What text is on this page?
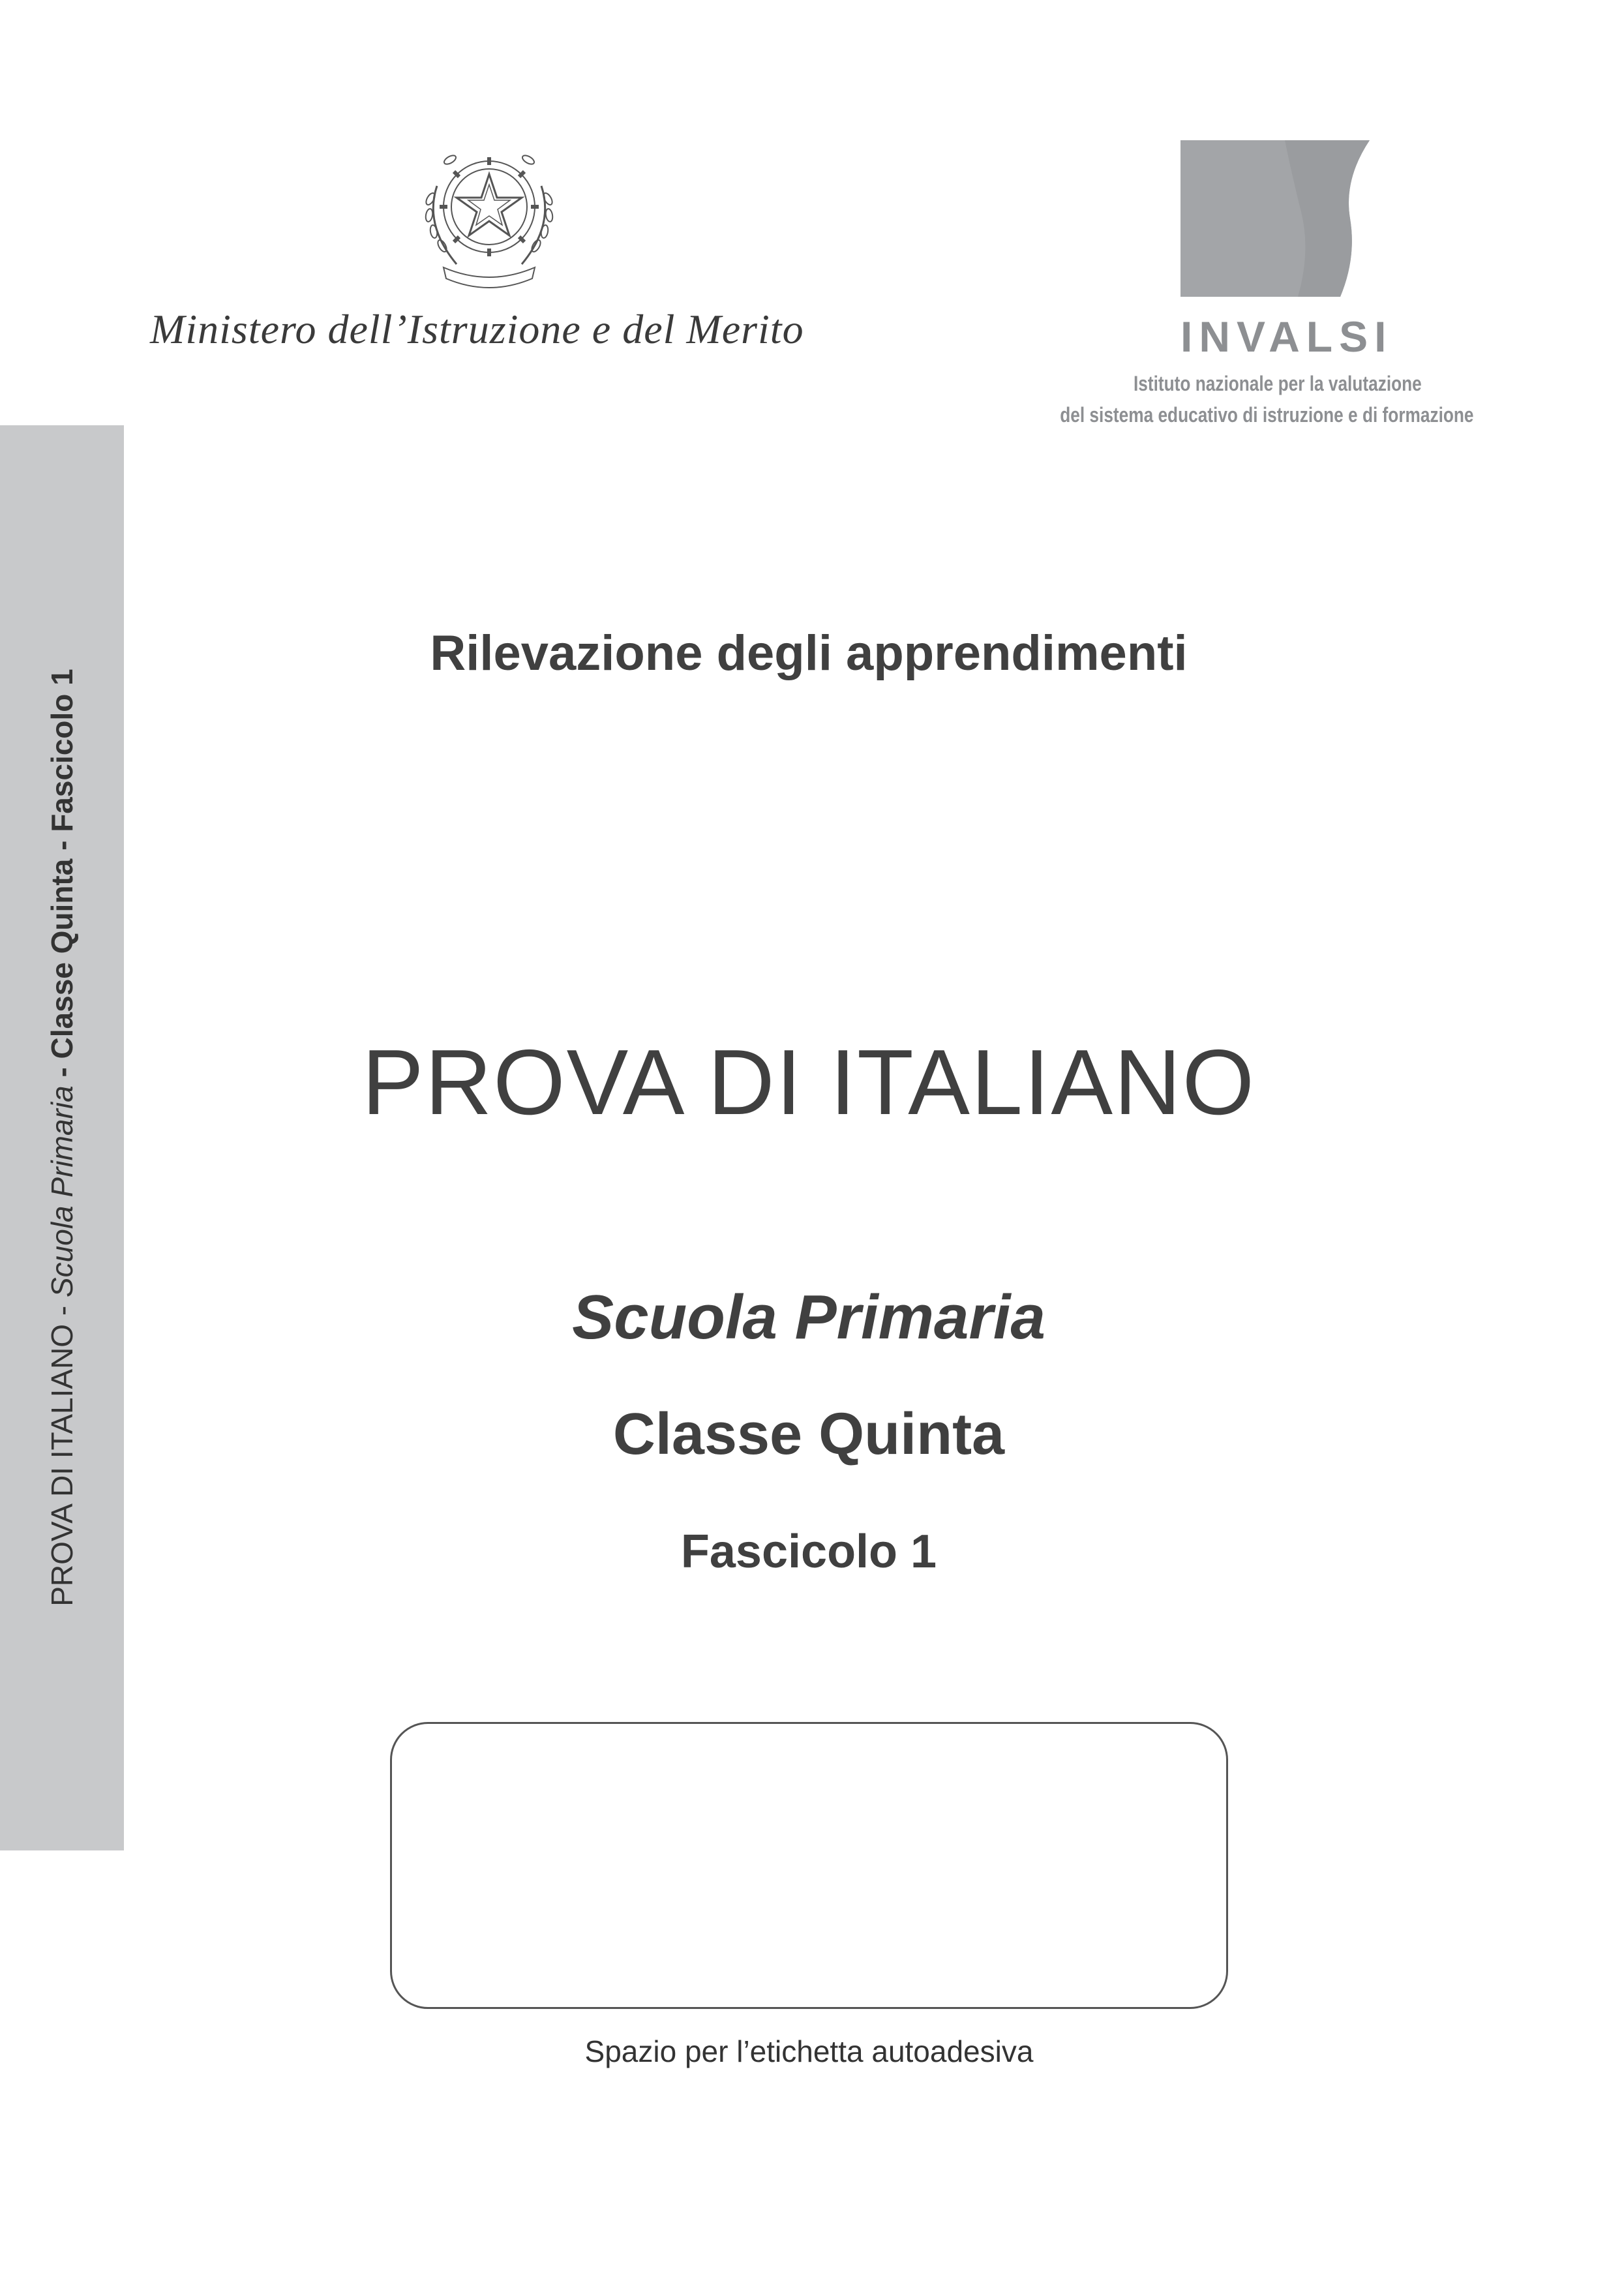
Ministero dell’Istruzione e del Merito	INVALSI
Istituto nazionale per la valutazione
del sistema educativo di istruzione e di formazione
PROVA DI ITALIANO - Scuola Primaria - Classe Quinta - Fascicolo 1
Rilevazione degli apprendimenti
PROVA DI ITALIANO
Scuola Primaria
Classe Quinta
Fascicolo 1
Spazio per l’etichetta autoadesiva
